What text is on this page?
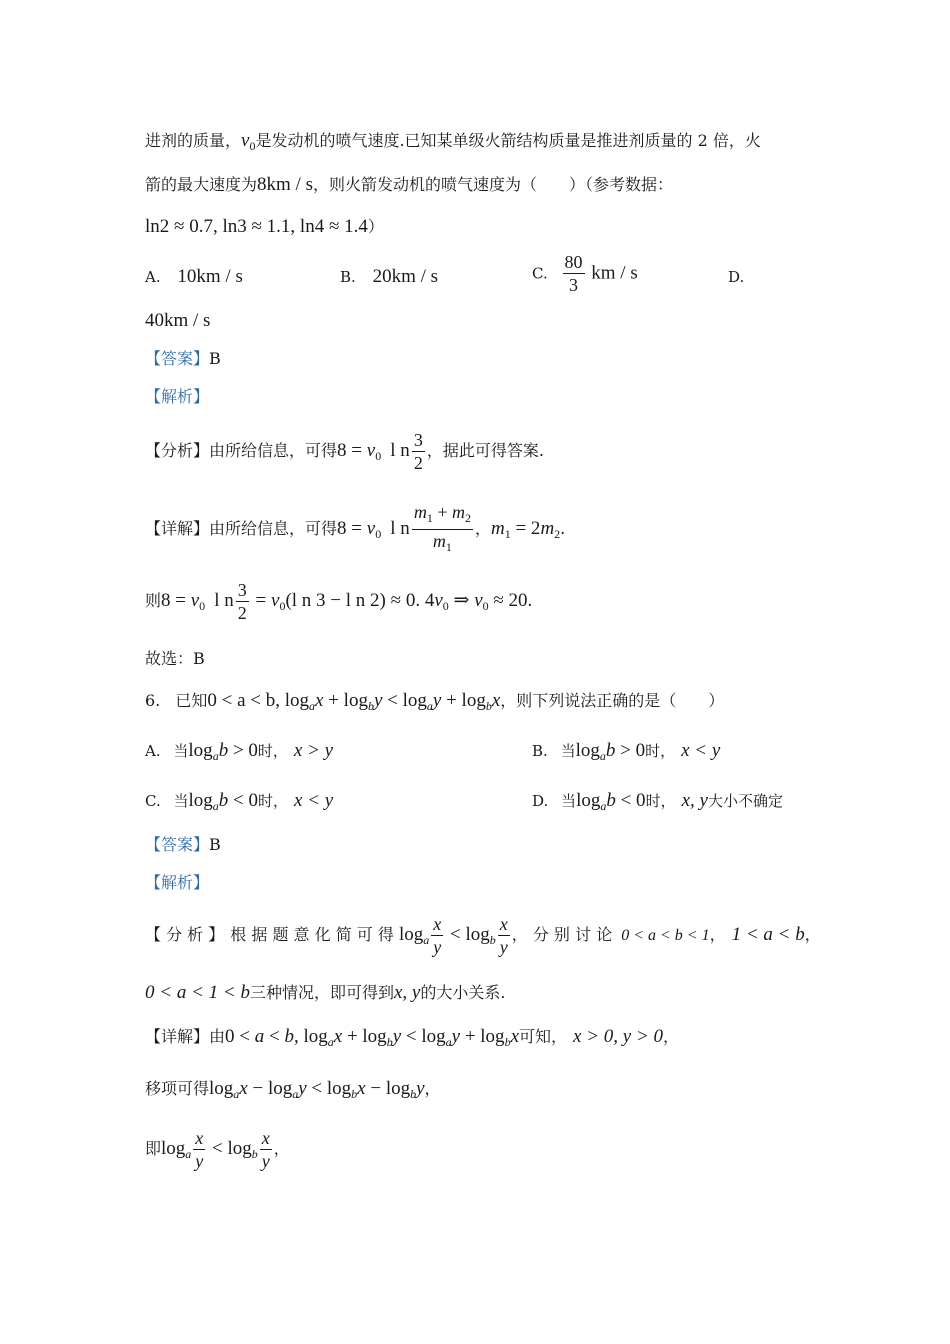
进剂的质量，$v_0$是发动机的喷气速度.已知某单级火箭结构质量是推进剂质量的 2 倍，火
箭的最大速度为8km / s，则火箭发动机的喷气速度为（　　）（参考数据：
ln2 ≈ 0.7, ln3 ≈ 1.1, ln4 ≈ 1.4）
A. 10km / s	B. 20km / s	C. $\frac{80}{3}$ km / s	D.
40km / s
【答案】B
【解析】
【分析】由所给信息，可得$8 = v_0$ l n $\frac{3}{2}$ ，据此可得答案.
【详解】由所给信息，可得$8 = v_0$ l n $\frac{m_1 + m_2}{m_1}$ ，$m_1 = 2m_2$.
则$8 = v_0$ l n $\frac{3}{2} = v_0(l$ n 3 − l n 2) ≈ 0. $4v_0$ ⇒ $v_0 \approx 20$.
故选：B
6. 已知0 < a < b, $\log_ax + \log_by < \log_ay + \log_bx$，则下列说法正确的是（　　）
A. 当$\log_ab > 0$时， x > y	B. 当$\log_ab > 0$时， x < y
C. 当$\log_ab < 0$时， x < y	D. 当$\log_ab < 0$时， x, y大小不确定
【答案】B
【解析】
【 分 析 】 根 据 题 意 化 简 可 得 $\log_a \frac{x}{y} < \log_b \frac{x}{y}$ ， 分 别 讨 论 0 < a < b < 1， 1 < a < b，
0 < a < 1 < b三种情况，即可得到x, y的大小关系.
【详解】由0 < a < b, $\log_ax + \log_by < \log_ay + \log_bx$可知， x > 0, y > 0，
移项可得$\log_ax - \log_ay < \log_bx - \log_by$，
即$\log_a \frac{x}{y} < \log_b \frac{x}{y}$ ，
